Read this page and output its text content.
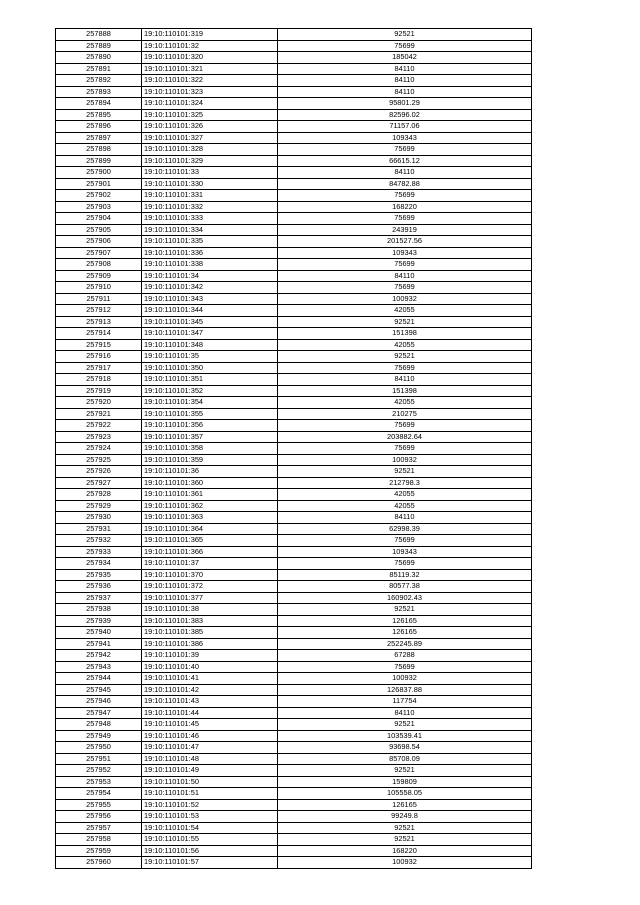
257888	19:10:110101:319	92521
257889	19:10:110101:32	75699
257890	19:10:110101:320	185042
257891	19:10:110101:321	84110
257892	19:10:110101:322	84110
257893	19:10:110101:323	84110
257894	19:10:110101:324	95801.29
257895	19:10:110101:325	82596.02
257896	19:10:110101:326	71157.06
257897	19:10:110101:327	109343
257898	19:10:110101:328	75699
257899	19:10:110101:329	66615.12
257900	19:10:110101:33	84110
257901	19:10:110101:330	84782.88
257902	19:10:110101:331	75699
257903	19:10:110101:332	168220
257904	19:10:110101:333	75699
257905	19:10:110101:334	243919
257906	19:10:110101:335	201527.56
257907	19:10:110101:336	109343
257908	19:10:110101:338	75699
257909	19:10:110101:34	84110
257910	19:10:110101:342	75699
257911	19:10:110101:343	100932
257912	19:10:110101:344	42055
257913	19:10:110101:345	92521
257914	19:10:110101:347	151398
257915	19:10:110101:348	42055
257916	19:10:110101:35	92521
257917	19:10:110101:350	75699
257918	19:10:110101:351	84110
257919	19:10:110101:352	151398
257920	19:10:110101:354	42055
257921	19:10:110101:355	210275
257922	19:10:110101:356	75699
257923	19:10:110101:357	203882.64
257924	19:10:110101:358	75699
257925	19:10:110101:359	100932
257926	19:10:110101:36	92521
257927	19:10:110101:360	212798.3
257928	19:10:110101:361	42055
257929	19:10:110101:362	42055
257930	19:10:110101:363	84110
257931	19:10:110101:364	62998.39
257932	19:10:110101:365	75699
257933	19:10:110101:366	109343
257934	19:10:110101:37	75699
257935	19:10:110101:370	85119.32
257936	19:10:110101:372	80577.38
257937	19:10:110101:377	160902.43
257938	19:10:110101:38	92521
257939	19:10:110101:383	126165
257940	19:10:110101:385	126165
257941	19:10:110101:386	252245.89
257942	19:10:110101:39	67288
257943	19:10:110101:40	75699
257944	19:10:110101:41	100932
257945	19:10:110101:42	126837.88
257946	19:10:110101:43	117754
257947	19:10:110101:44	84110
257948	19:10:110101:45	92521
257949	19:10:110101:46	103539.41
257950	19:10:110101:47	93698.54
257951	19:10:110101:48	85708.09
257952	19:10:110101:49	92521
257953	19:10:110101:50	159809
257954	19:10:110101:51	105558.05
257955	19:10:110101:52	126165
257956	19:10:110101:53	99249.8
257957	19:10:110101:54	92521
257958	19:10:110101:55	92521
257959	19:10:110101:56	168220
257960	19:10:110101:57	100932
